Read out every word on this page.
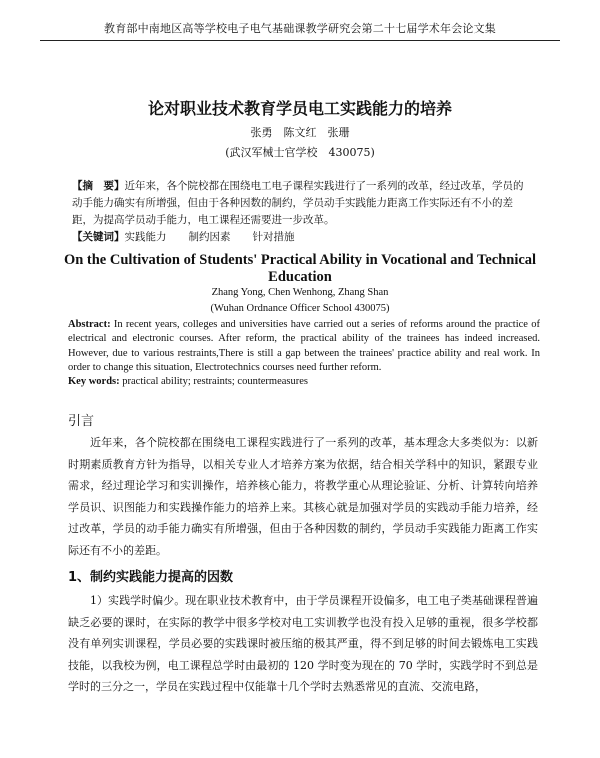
教育部中南地区高等学校电子电气基础课教学研究会第二十七届学术年会论文集
论对职业技术教育学员电工实践能力的培养
张勇　陈文红　张珊
(武汉军械士官学校　430075)
【摘　要】近年来，各个院校都在围绕电工电子课程实践进行了一系列的改革，经过改革，学员的动手能力确实有所增强，但由于各种因数的制约，学员动手实践能力距离工作实际还有不小的差距，为提高学员动手能力，电工课程还需要进一步改革。
【关键词】实践能力 制约因素 针对措施
On the Cultivation of Students' Practical Ability in Vocational and Technical Education
Zhang Yong, Chen Wenhong, Zhang Shan
(Wuhan Ordnance Officer School 430075)
Abstract: In recent years, colleges and universities have carried out a series of reforms around the practice of electrical and electronic courses. After reform, the practical ability of the trainees has indeed increased. However, due to various restraints,There is still a gap between the trainees' practice ability and real work. In order to change this situation, Electrotechnics courses need further reform.
Key words: practical ability; restraints; countermeasures
引言
近年来，各个院校都在围绕电工课程实践进行了一系列的改革，基本理念大多类似为：以新时期素质教育方针为指导，以相关专业人才培养方案为依据，结合相关学科中的知识，紧跟专业需求，经过理论学习和实训操作，培养核心能力，将教学重心从理论验证、分析、计算转向培养学员识、识图能力和实践操作能力的培养上来。其核心就是加强对学员的实践动手能力培养，经过改革，学员的动手能力确实有所增强，但由于各种因数的制约，学员动手实践能力距离工作实际还有不小的差距。
1、制约实践能力提高的因数
1）实践学时偏少。现在职业技术教育中，由于学员课程开设偏多，电工电子类基础课程普遍缺乏必要的课时，在实际的教学中很多学校对电工实训教学也没有投入足够的重视，很多学校都没有单列实训课程，学员必要的实践课时被压缩的极其严重，得不到足够的时间去锻炼电工实践技能，以我校为例，电工课程总学时由最初的 120 学时变为现在的 70 学时，实践学时不到总是学时的三分之一，学员在实践过程中仅能靠十几个学时去熟悉常见的直流、交流电路，
